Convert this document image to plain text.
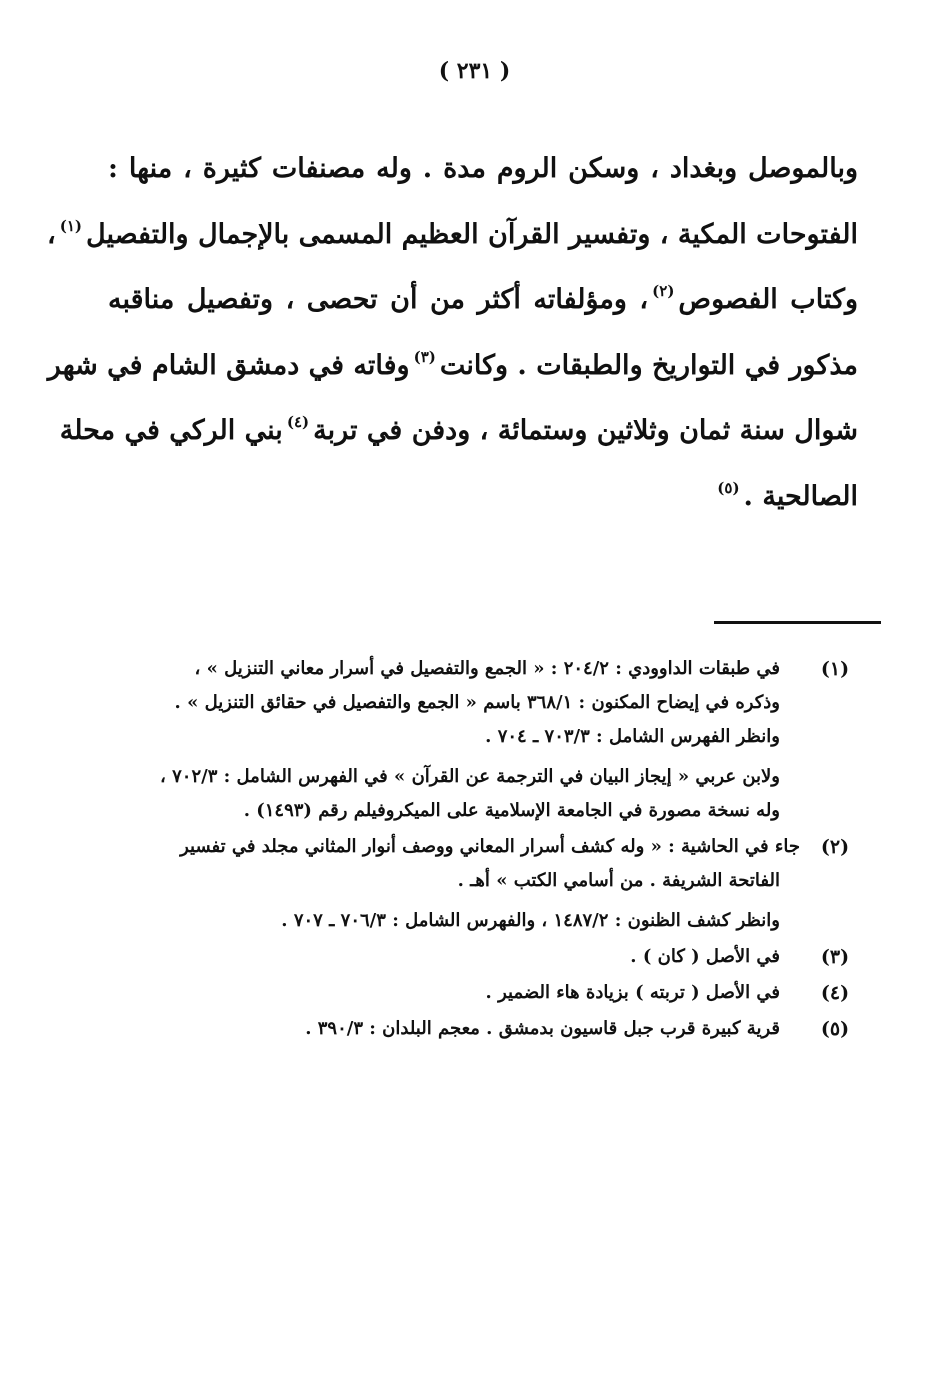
( ٢٣١ )
وبالموصل وبغداد ، وسكن الروم مدة . وله مصنفات كثيرة ، منها :
الفتوحات المكية ، وتفسير القرآن العظيم المسمى بالإجمال والتفصيل$^{(١)}$،
وكتاب الفصوص$^{(٢)}$، ومؤلفاته أكثر من أن تحصى ، وتفصيل مناقبه
مذكور في التواريخ والطبقات . وكانت$^{(٣)}$وفاته في دمشق الشام في شهر
شوال سنة ثمان وثلاثين وستمائة ، ودفن في تربة$^{(٤)}$بني الركي في محلة
الصالحية .$^{(٥)}$
(١)
في طبقات الداوودي : ٢٠٤/٢ : « الجمع والتفصيل في أسرار معاني التنزيل » ،
وذكره في إيضاح المكنون : ٣٦٨/١ باسم « الجمع والتفصيل في حقائق التنزيل » .
وانظر الفهرس الشامل : ٧٠٣/٣ ـ ٧٠٤ .
ولابن عربي « إيجاز البيان في الترجمة عن القرآن » في الفهرس الشامل : ٧٠٢/٣ ،
وله نسخة مصورة في الجامعة الإسلامية على الميكروفيلم رقم (١٤٩٣) .
(٢)
جاء في الحاشية : « وله كشف أسرار المعاني ووصف أنوار المثاني مجلد في تفسير
الفاتحة الشريفة . من أسامي الكتب » أهـ .
وانظر كشف الظنون : ١٤٨٧/٢ ، والفهرس الشامل : ٧٠٦/٣ ـ ٧٠٧ .
(٣)
في الأصل ( كان ) .
(٤)
في الأصل ( تربته ) بزيادة هاء الضمير .
(٥)
قرية كبيرة قرب جبل قاسيون بدمشق . معجم البلدان : ٣٩٠/٣ .
